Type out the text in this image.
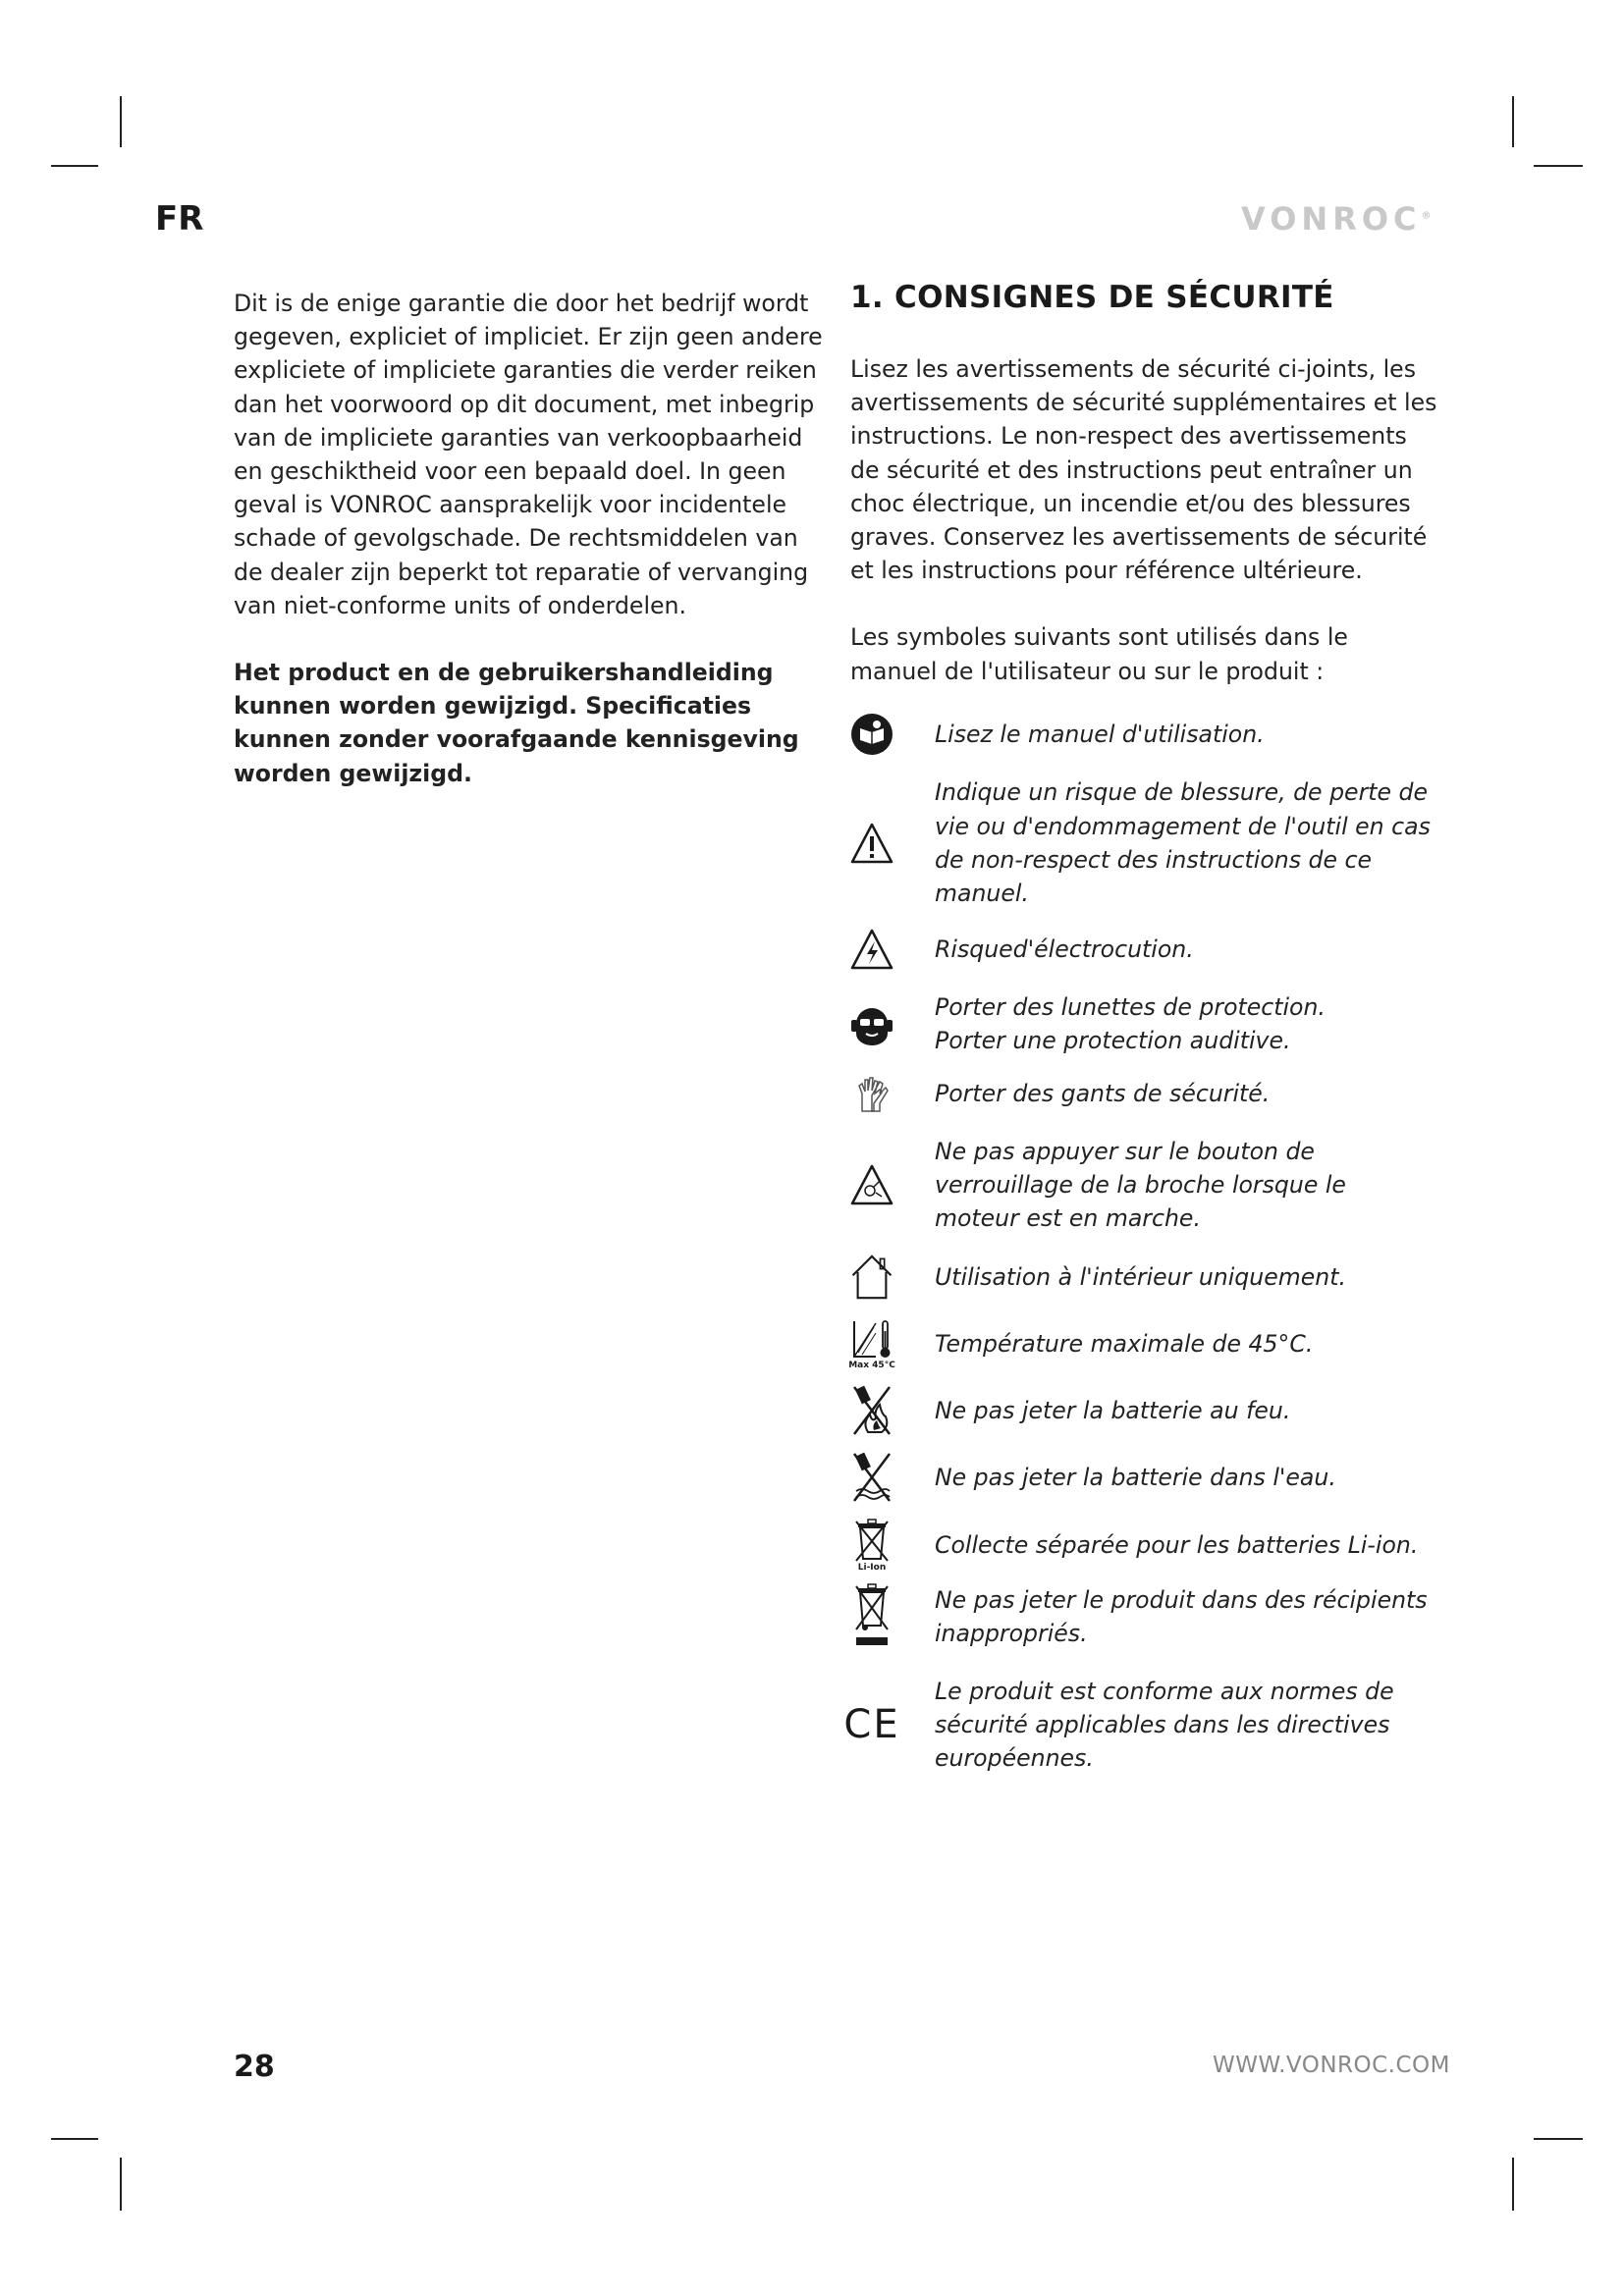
FR	VONROC®

Dit is de enige garantie die door het bedrijf wordt gegeven, expliciet of impliciet. Er zijn geen andere expliciete of impliciete garanties die verder reiken dan het voorwoord op dit document, met inbegrip van de impliciete garanties van verkoopbaarheid en geschiktheid voor een bepaald doel. In geen geval is VONROC aansprakelijk voor incidentele schade of gevolgschade. De rechtsmiddelen van de dealer zijn beperkt tot reparatie of vervanging van niet-conforme units of onderdelen.

Het product en de gebruikershandleiding kunnen worden gewijzigd. Specificaties kunnen zonder voorafgaande kennisgeving worden gewijzigd.

1. CONSIGNES DE SÉCURITÉ

Lisez les avertissements de sécurité ci-joints, les avertissements de sécurité supplémentaires et les instructions. Le non-respect des avertissements de sécurité et des instructions peut entraîner un choc électrique, un incendie et/ou des blessures graves. Conservez les avertissements de sécurité et les instructions pour référence ultérieure.

Les symboles suivants sont utilisés dans le manuel de l'utilisateur ou sur le produit :

Lisez le manuel d'utilisation.
Indique un risque de blessure, de perte de vie ou d'endommagement de l'outil en cas de non-respect des instructions de ce manuel.
Risqued'électrocution.
Porter des lunettes de protection.
Porter une protection auditive.
Porter des gants de sécurité.
Ne pas appuyer sur le bouton de verrouillage de la broche lorsque le moteur est en marche.
Utilisation à l'intérieur uniquement.
Max 45°C
Température maximale de 45°C.
Ne pas jeter la batterie au feu.
Ne pas jeter la batterie dans l'eau.
Li-Ion
Collecte séparée pour les batteries Li-ion.
Ne pas jeter le produit dans des récipients inappropriés.
CE
Le produit est conforme aux normes de sécurité applicables dans les directives européennes.
28	WWW.VONROC.COM
